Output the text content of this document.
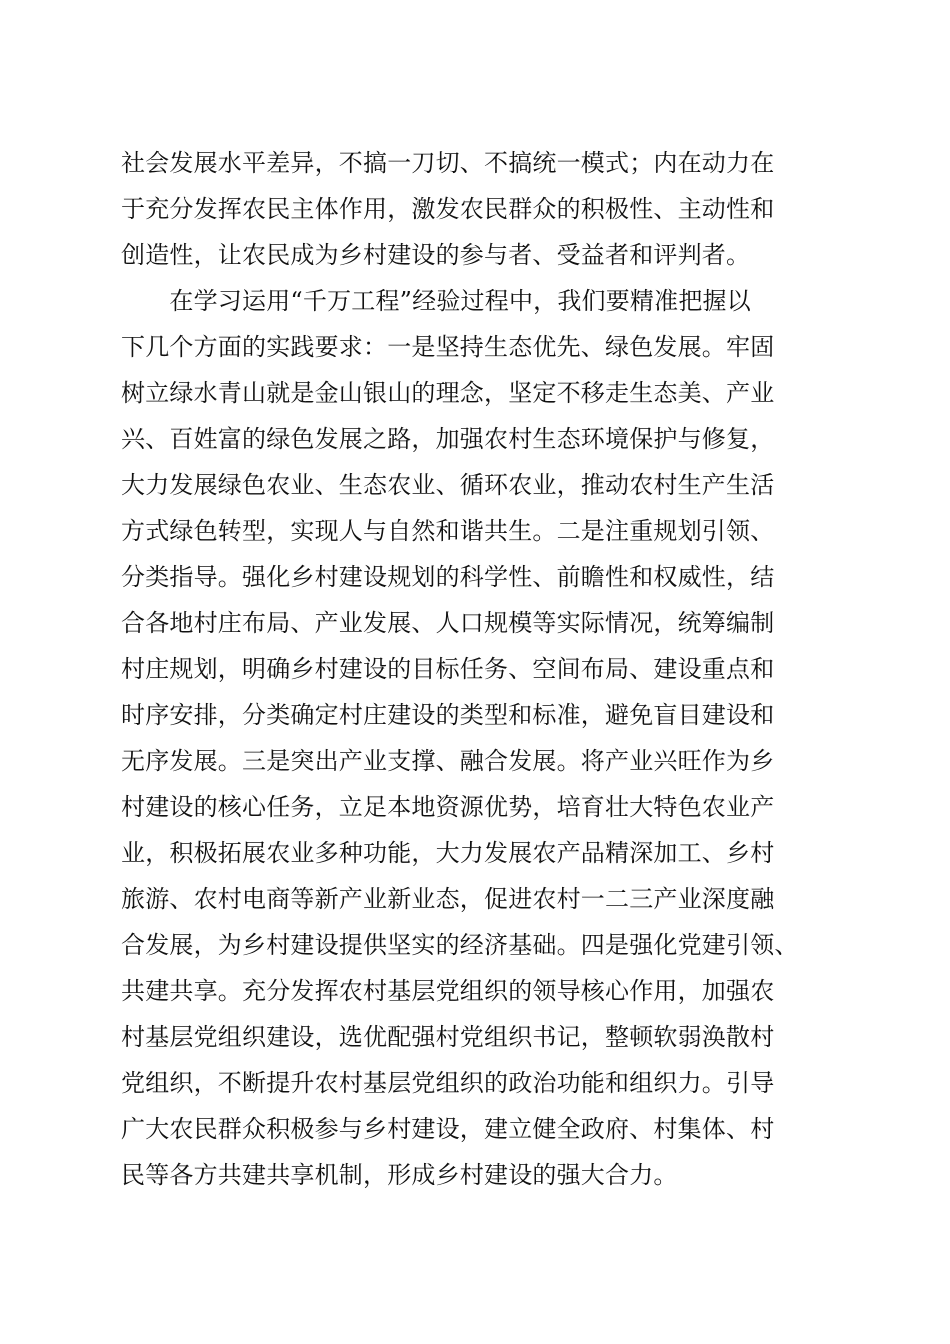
社会发展水平差异，不搞一刀切、不搞统一模式；内在动力在
于充分发挥农民主体作用，激发农民群众的积极性、主动性和
创造性，让农民成为乡村建设的参与者、受益者和评判者。
　　在学习运用“千万工程”经验过程中，我们要精准把握以
下几个方面的实践要求：一是坚持生态优先、绿色发展。牢固
树立绿水青山就是金山银山的理念，坚定不移走生态美、产业
兴、百姓富的绿色发展之路，加强农村生态环境保护与修复，
大力发展绿色农业、生态农业、循环农业，推动农村生产生活
方式绿色转型，实现人与自然和谐共生。二是注重规划引领、
分类指导。强化乡村建设规划的科学性、前瞻性和权威性，结
合各地村庄布局、产业发展、人口规模等实际情况，统筹编制
村庄规划，明确乡村建设的目标任务、空间布局、建设重点和
时序安排，分类确定村庄建设的类型和标准，避免盲目建设和
无序发展。三是突出产业支撑、融合发展。将产业兴旺作为乡
村建设的核心任务，立足本地资源优势，培育壮大特色农业产
业，积极拓展农业多种功能，大力发展农产品精深加工、乡村
旅游、农村电商等新产业新业态，促进农村一二三产业深度融
合发展，为乡村建设提供坚实的经济基础。四是强化党建引领、
共建共享。充分发挥农村基层党组织的领导核心作用，加强农
村基层党组织建设，选优配强村党组织书记，整顿软弱涣散村
党组织，不断提升农村基层党组织的政治功能和组织力。引导
广大农民群众积极参与乡村建设，建立健全政府、村集体、村
民等各方共建共享机制，形成乡村建设的强大合力。
